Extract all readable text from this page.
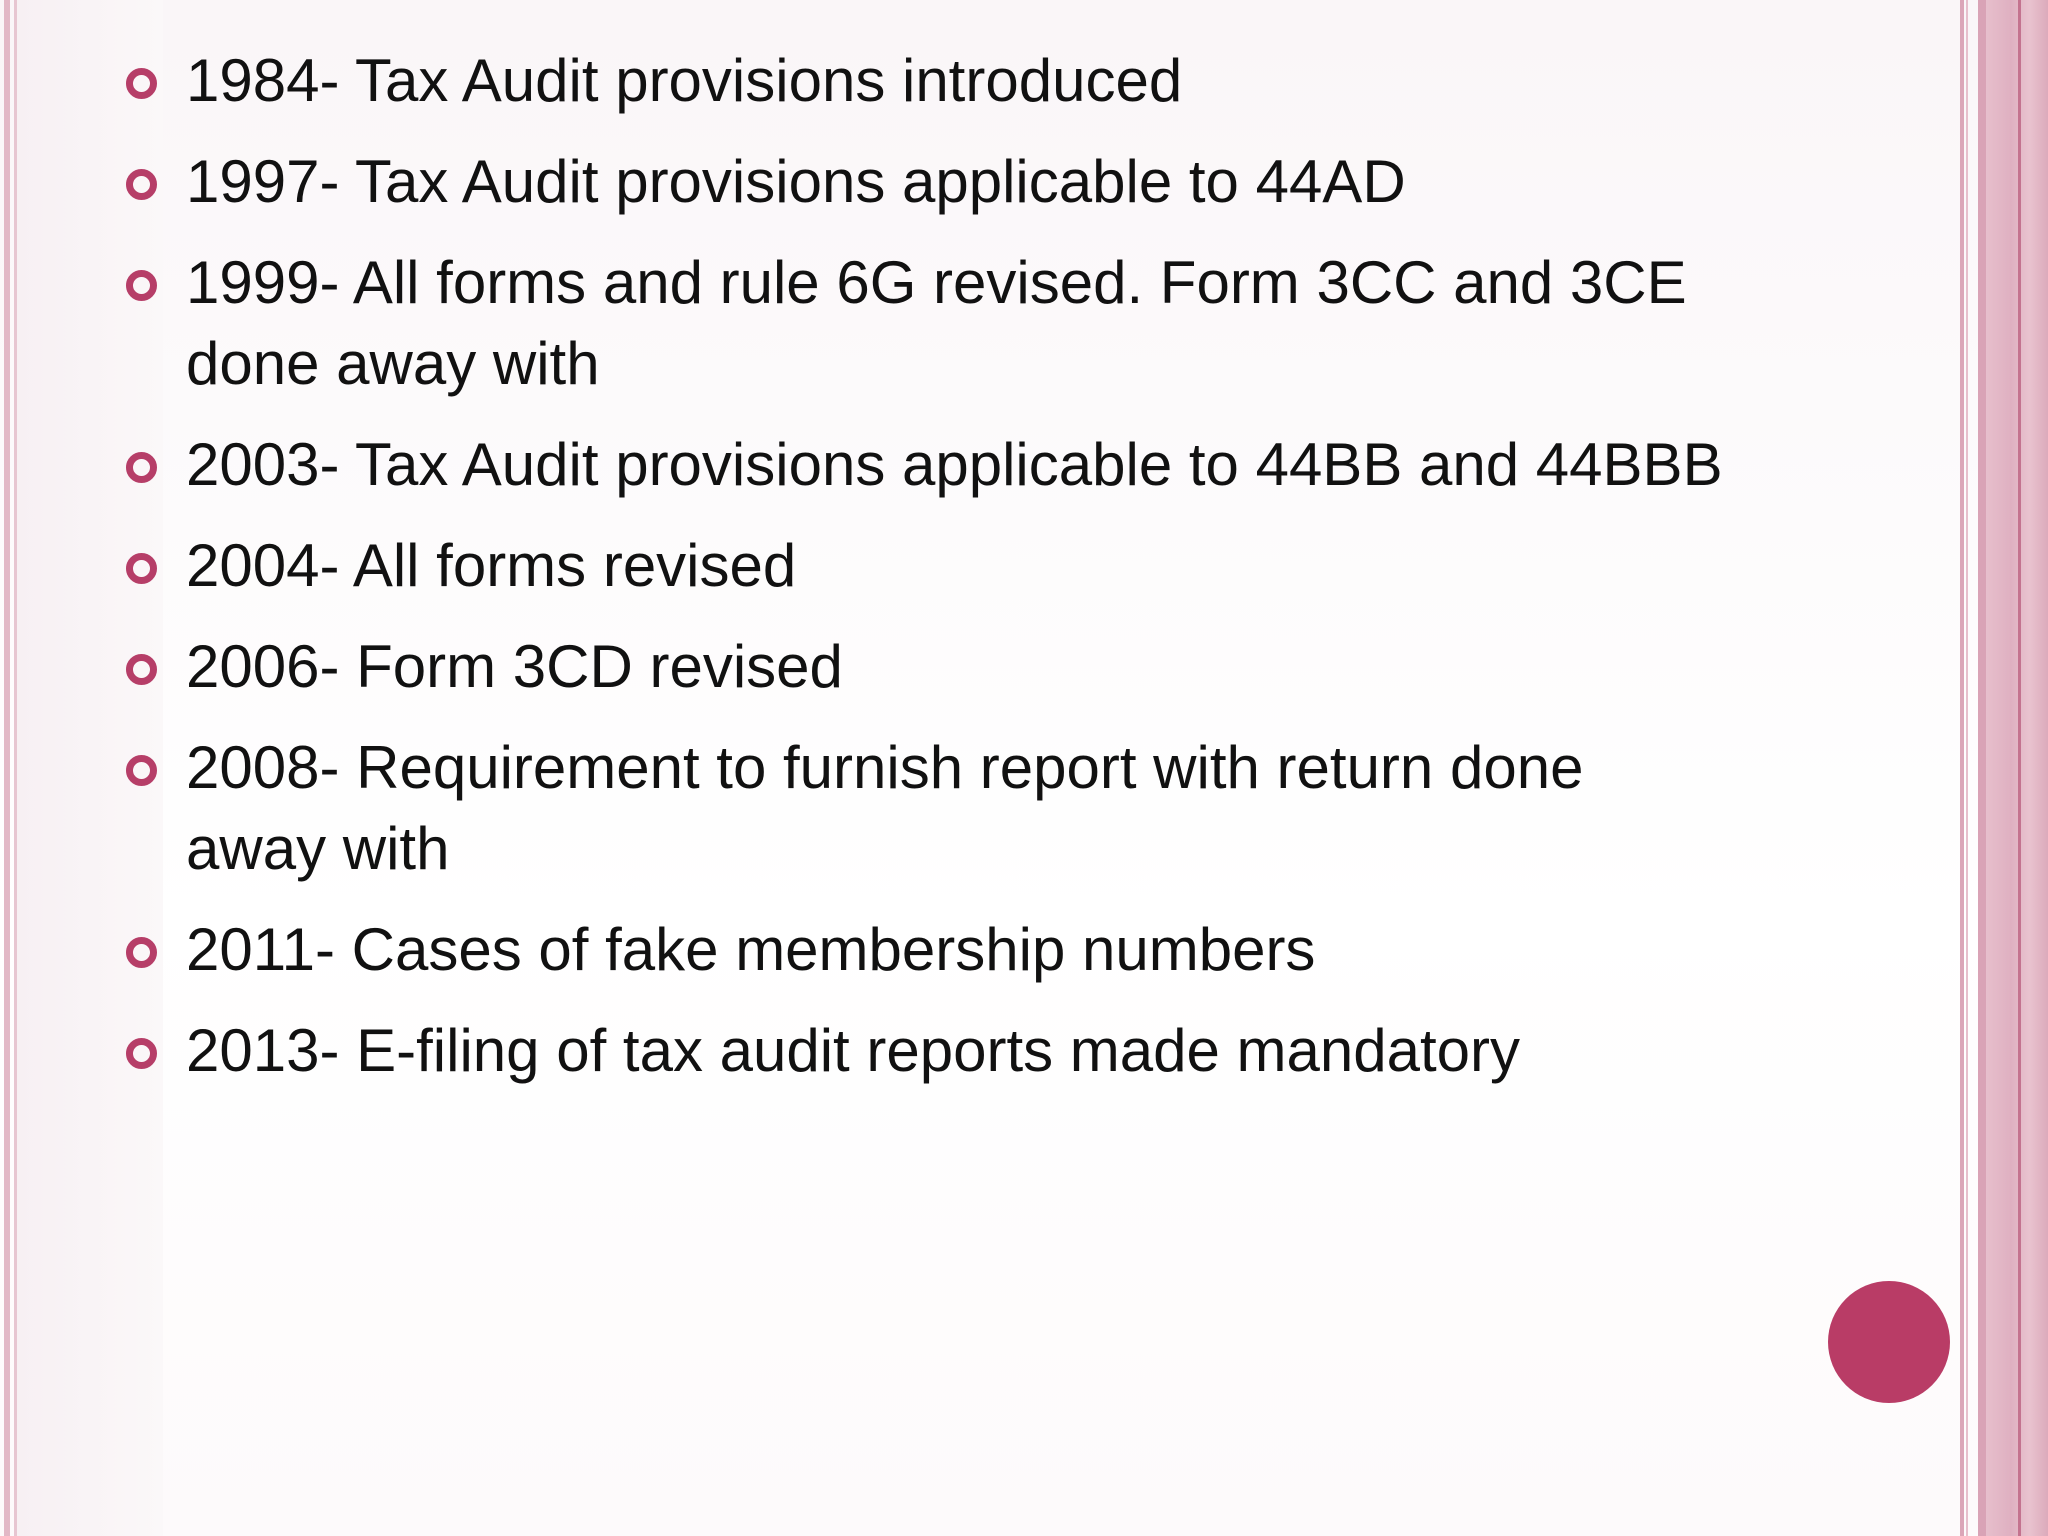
1984- Tax Audit provisions introduced
1997- Tax Audit provisions applicable to 44AD
1999- All forms and rule 6G revised. Form 3CC and 3CE done away with
2003- Tax Audit provisions applicable to 44BB and 44BBB
2004- All forms revised
2006- Form 3CD revised
2008- Requirement to furnish report with return done away with
2011- Cases of fake membership numbers
2013- E-filing of tax audit reports made mandatory
